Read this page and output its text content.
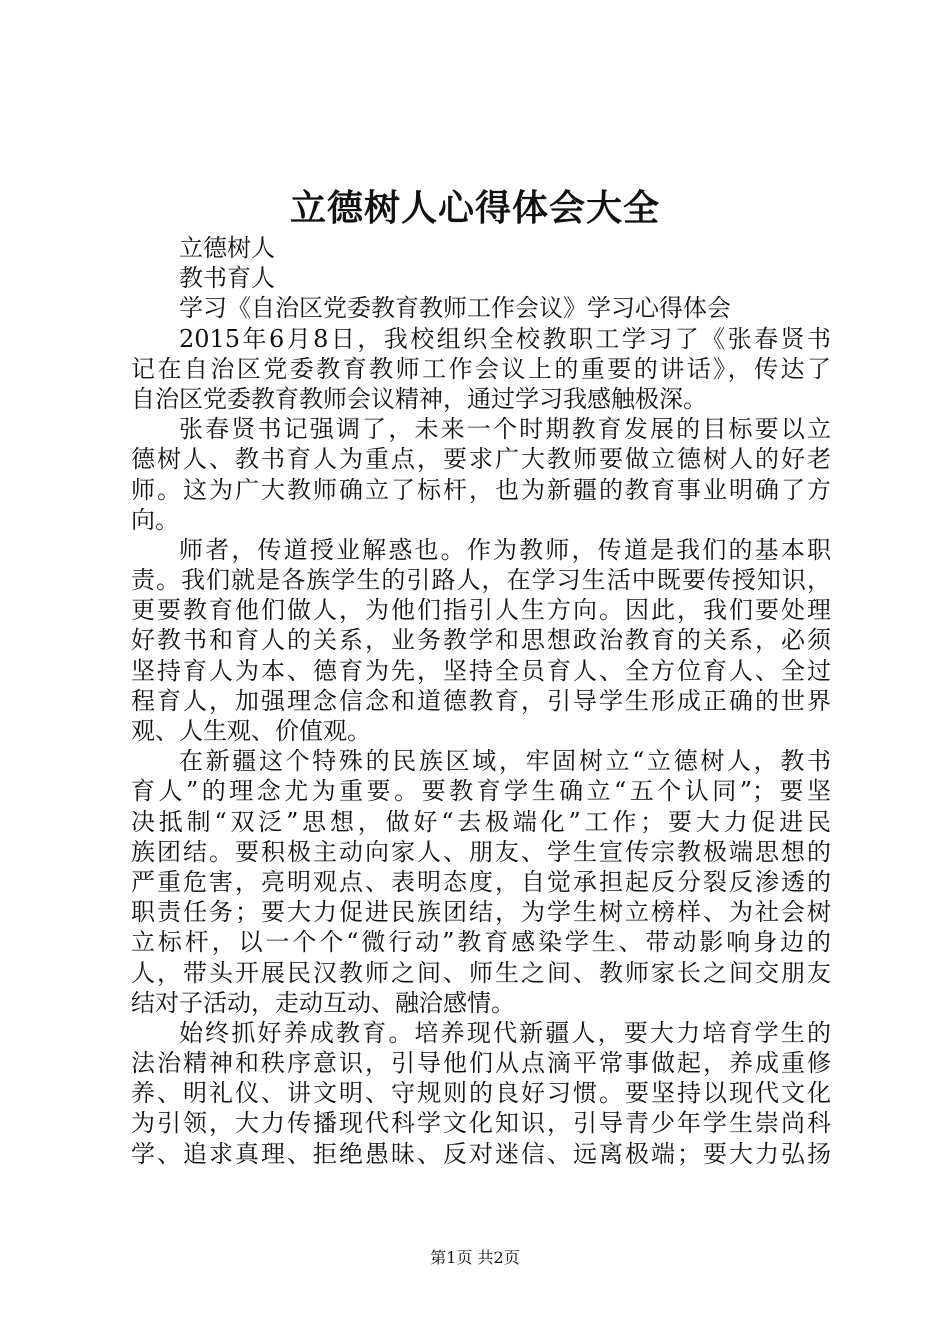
立德树人心得体会大全

立德树人

教书育人

学习《自治区党委教育教师工作会议》学习心得体会

2015年6月8日，我校组织全校教职工学习了《张春贤书

记在自治区党委教育教师工作会议上的重要的讲话》，传达了

自治区党委教育教师会议精神，通过学习我感触极深。

张春贤书记强调了，未来一个时期教育发展的目标要以立

德树人、教书育人为重点，要求广大教师要做立德树人的好老

师。这为广大教师确立了标杆，也为新疆的教育事业明确了方

向。

师者，传道授业解惑也。作为教师，传道是我们的基本职

责。我们就是各族学生的引路人，在学习生活中既要传授知识，

更要教育他们做人，为他们指引人生方向。因此，我们要处理

好教书和育人的关系，业务教学和思想政治教育的关系，必须

坚持育人为本、德育为先，坚持全员育人、全方位育人、全过

程育人，加强理念信念和道德教育，引导学生形成正确的世界

观、人生观、价值观。

在新疆这个特殊的民族区域，牢固树立“立德树人，教书

育人”的理念尤为重要。要教育学生确立“五个认同”；要坚

决抵制“双泛”思想，做好“去极端化”工作；要大力促进民

族团结。要积极主动向家人、朋友、学生宣传宗教极端思想的

严重危害，亮明观点、表明态度，自觉承担起反分裂反渗透的

职责任务；要大力促进民族团结，为学生树立榜样、为社会树

立标杆，以一个个“微行动”教育感染学生、带动影响身边的

人，带头开展民汉教师之间、师生之间、教师家长之间交朋友

结对子活动，走动互动、融洽感情。

始终抓好养成教育。培养现代新疆人，要大力培育学生的

法治精神和秩序意识，引导他们从点滴平常事做起，养成重修

养、明礼仪、讲文明、守规则的良好习惯。要坚持以现代文化

为引领，大力传播现代科学文化知识，引导青少年学生崇尚科

学、追求真理、拒绝愚昧、反对迷信、远离极端；要大力弘扬

第1页 共2页
